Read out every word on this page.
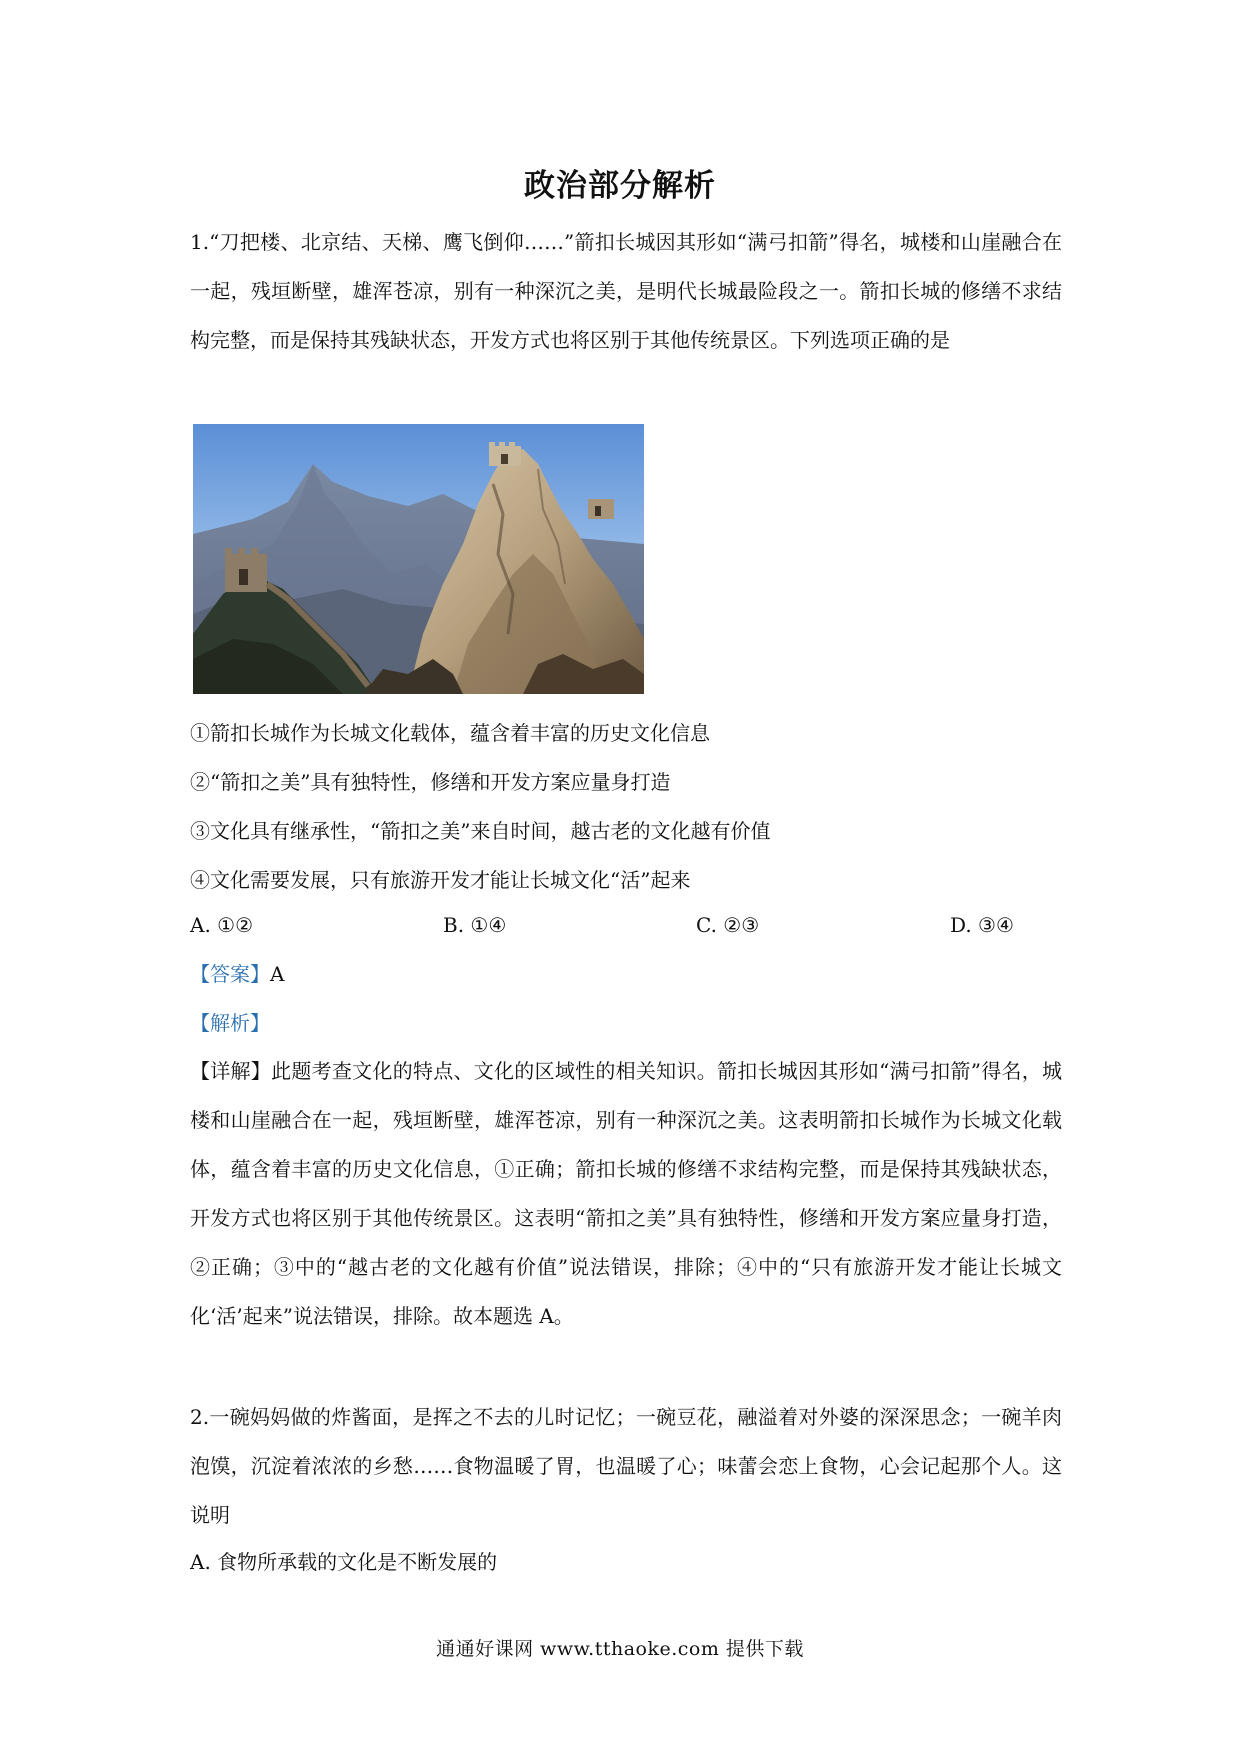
政治部分解析

1.“刀把楼、北京结、天梯、鹰飞倒仰……”箭扣长城因其形如“满弓扣箭”得名，城楼和山崖融合在一起，残垣断壁，雄浑苍凉，别有一种深沉之美，是明代长城最险段之一。箭扣长城的修缮不求结构完整，而是保持其残缺状态，开发方式也将区别于其他传统景区。下列选项正确的是

①箭扣长城作为长城文化载体，蕴含着丰富的历史文化信息
②“箭扣之美”具有独特性，修缮和开发方案应量身打造
③文化具有继承性，“箭扣之美”来自时间，越古老的文化越有价值
④文化需要发展，只有旅游开发才能让长城文化“活”起来
A. ①②	B. ①④	C. ②③	D. ③④
【答案】A
【解析】

【详解】此题考查文化的特点、文化的区域性的相关知识。箭扣长城因其形如“满弓扣箭”得名，城楼和山崖融合在一起，残垣断壁，雄浑苍凉，别有一种深沉之美。这表明箭扣长城作为长城文化载体，蕴含着丰富的历史文化信息，①正确；箭扣长城的修缮不求结构完整，而是保持其残缺状态，开发方式也将区别于其他传统景区。这表明“箭扣之美”具有独特性，修缮和开发方案应量身打造，②正确；③中的“越古老的文化越有价值”说法错误，排除；④中的“只有旅游开发才能让长城文化‘活’起来”说法错误，排除。故本题选 A。

2.一碗妈妈做的炸酱面，是挥之不去的儿时记忆；一碗豆花，融溢着对外婆的深深思念；一碗羊肉泡馍，沉淀着浓浓的乡愁……食物温暖了胃，也温暖了心；味蕾会恋上食物，心会记起那个人。这说明

A. 食物所承载的文化是不断发展的
通通好课网 www.tthaoke.com 提供下载
